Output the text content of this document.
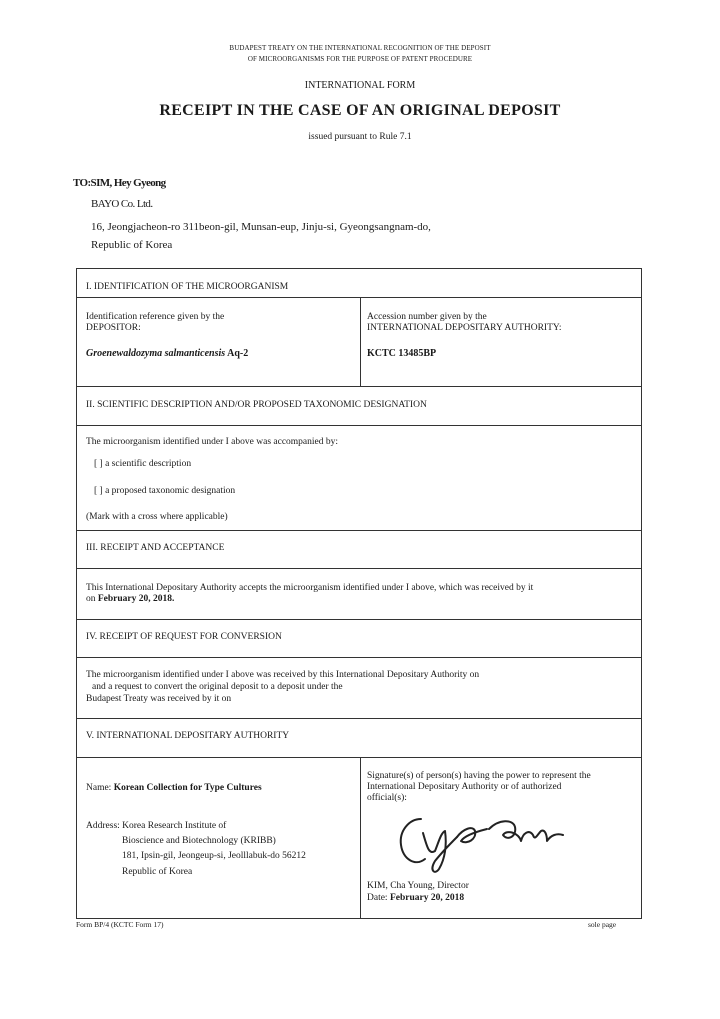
BUDAPEST TREATY ON THE INTERNATIONAL RECOGNITION OF THE DEPOSIT
OF MICROORGANISMS FOR THE PURPOSE OF PATENT PROCEDURE
INTERNATIONAL FORM
RECEIPT IN THE CASE OF AN ORIGINAL DEPOSIT
issued pursuant to Rule 7.1
TO:SIM, Hey Gyeong
BAYO Co. Ltd.
16, Jeongjacheon-ro 311beon-gil, Munsan-eup, Jinju-si, Gyeongsangnam-do,
Republic of Korea
I. IDENTIFICATION OF THE MICROORGANISM
Identification reference given by the
DEPOSITOR:
Groenewaldozyma salmanticensis Aq-2
Accession number given by the
INTERNATIONAL DEPOSITARY AUTHORITY:
KCTC 13485BP
II. SCIENTIFIC DESCRIPTION AND/OR PROPOSED TAXONOMIC DESIGNATION
The microorganism identified under I above was accompanied by:
[ ] a scientific description
[ ] a proposed taxonomic designation
(Mark with a cross where applicable)
III. RECEIPT AND ACCEPTANCE
This International Depositary Authority accepts the microorganism identified under I above, which was received by it
on February 20, 2018.
IV. RECEIPT OF REQUEST FOR CONVERSION
The microorganism identified under I above was received by this International Depositary Authority on
and a request to convert the original deposit to a deposit under the
Budapest Treaty was received by it on
V. INTERNATIONAL DEPOSITARY AUTHORITY
Name: Korean Collection for Type Cultures
Address: Korea Research Institute of
Bioscience and Biotechnology (KRIBB)
181, Ipsin-gil, Jeongeup-si, Jeolllabuk-do 56212
Republic of Korea
Signature(s) of person(s) having the power to represent the
International Depositary Authority or of authorized
official(s):
KIM, Cha Young, Director
Date: February 20, 2018
Form BP/4 (KCTC Form 17)	sole page
